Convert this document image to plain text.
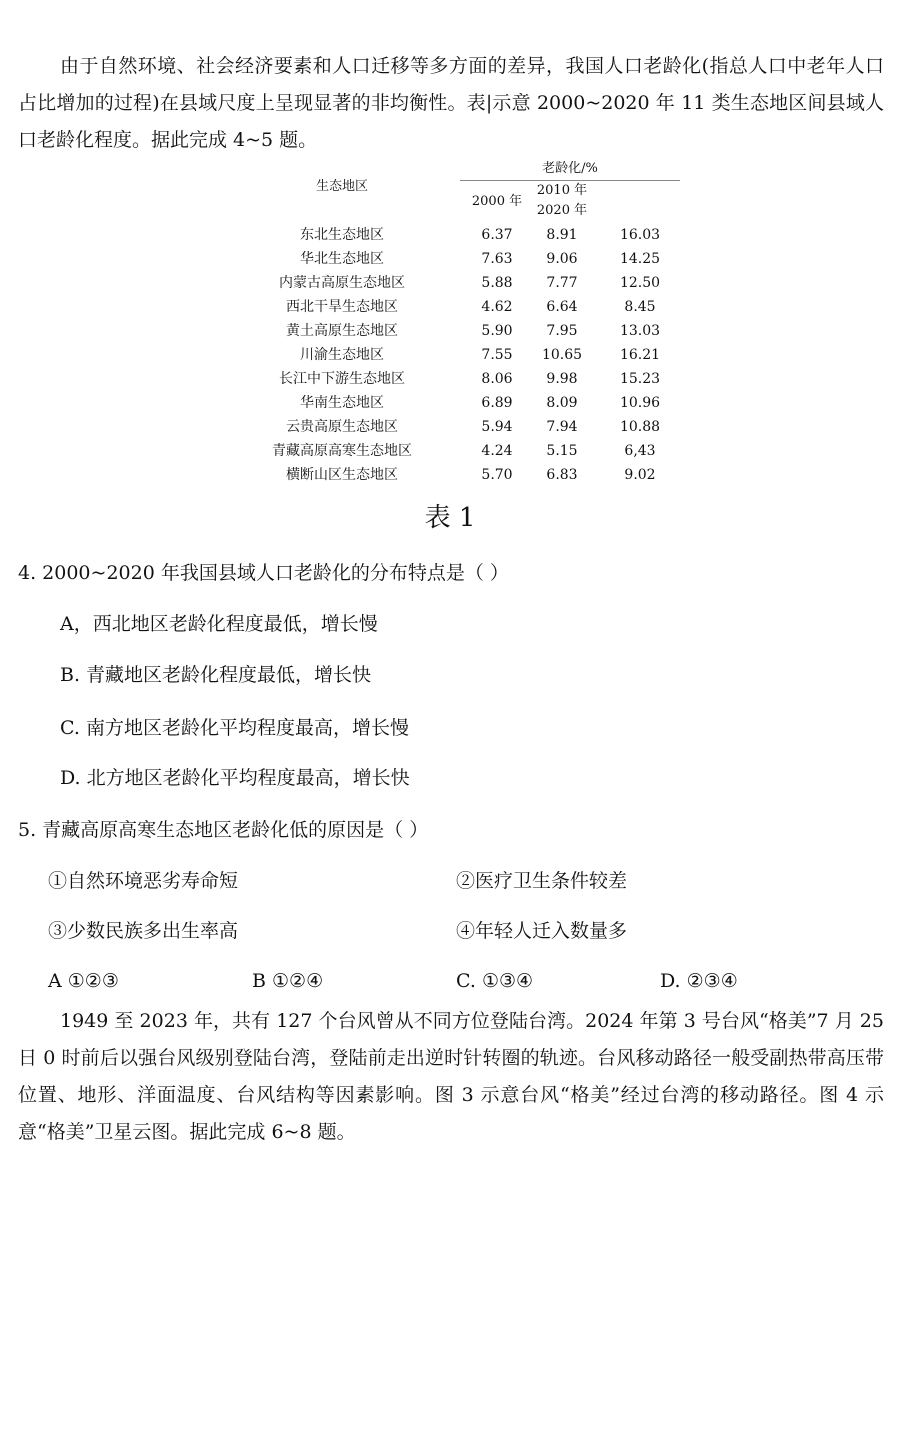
由于自然环境、社会经济要素和人口迁移等多方面的差异，我国人口老龄化(指总人口中老年人口占比增加的过程)在县域尺度上呈现显著的非均衡性。表|示意 2000~2020 年 11 类生态地区间县域人口老龄化程度。据此完成 4~5 题。

老龄化/%
生态地区
2000 年
2010 年
2020 年
东北生态地区	6.37	8.91	16.03
华北生态地区	7.63	9.06	14.25
内蒙古高原生态地区	5.88	7.77	12.50
西北干旱生态地区	4.62	6.64	8.45
黄土高原生态地区	5.90	7.95	13.03
川渝生态地区	7.55	10.65	16.21
长江中下游生态地区	8.06	9.98	15.23
华南生态地区	6.89	8.09	10.96
云贵高原生态地区	5.94	7.94	10.88
青藏高原高寒生态地区	4.24	5.15	6,43
横断山区生态地区	5.70	6.83	9.02
表 1
4. 2000~2020 年我国县域人口老龄化的分布特点是（ ）
A，西北地区老龄化程度最低，增长慢
B. 青藏地区老龄化程度最低，增长快
C. 南方地区老龄化平均程度最高，增长慢
D. 北方地区老龄化平均程度最高，增长快
5. 青藏高原高寒生态地区老龄化低的原因是（ ）
①自然环境恶劣寿命短	②医疗卫生条件较差
③少数民族多出生率高	④年轻人迁入数量多
A ①②③	B ①②④	C. ①③④	D. ②③④

1949 至 2023 年，共有 127 个台风曾从不同方位登陆台湾。2024 年第 3 号台风“格美”7 月 25 日 0 时前后以强台风级别登陆台湾，登陆前走出逆时针转圈的轨迹。台风移动路径一般受副热带高压带位置、地形、洋面温度、台风结构等因素影响。图 3 示意台风“格美”经过台湾的移动路径。图 4 示意“格美”卫星云图。据此完成 6~8 题。
